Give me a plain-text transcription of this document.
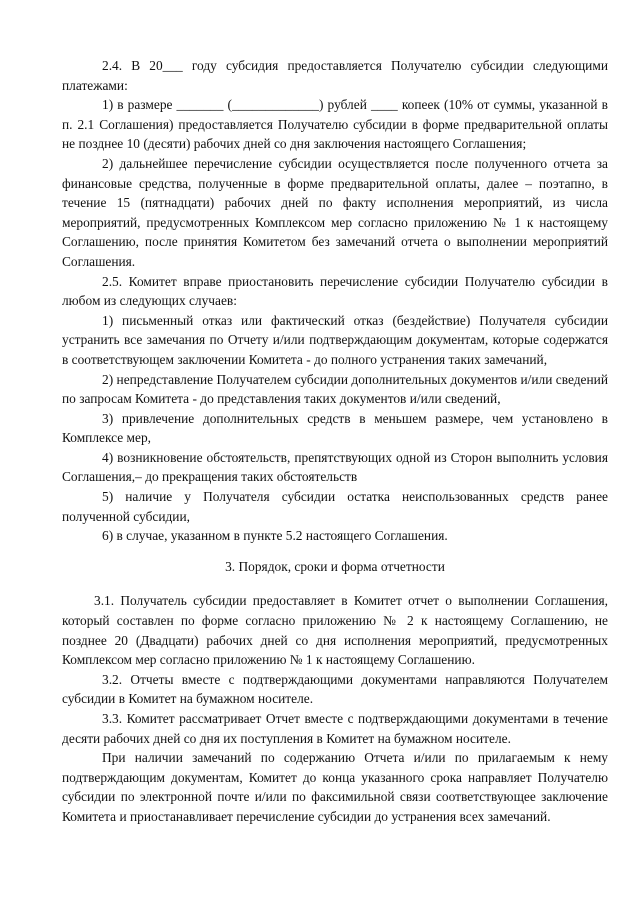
2.4. В 20___ году субсидия предоставляется Получателю субсидии следующими платежами:

1) в размере _______ (_____________) рублей ____ копеек (10% от суммы, указанной в п. 2.1 Соглашения) предоставляется Получателю субсидии в форме предварительной оплаты не позднее 10 (десяти) рабочих дней со дня заключения настоящего Соглашения;

2) дальнейшее перечисление субсидии осуществляется после полученного отчета за финансовые средства, полученные в форме предварительной оплаты, далее – поэтапно, в течение 15 (пятнадцати) рабочих дней по факту исполнения мероприятий, из числа мероприятий, предусмотренных Комплексом мер согласно приложению № 1 к настоящему Соглашению, после принятия Комитетом без замечаний отчета о выполнении мероприятий Соглашения.

2.5. Комитет вправе приостановить перечисление субсидии Получателю субсидии в любом из следующих случаев:

1) письменный отказ или фактический отказ (бездействие) Получателя субсидии устранить все замечания по Отчету и/или подтверждающим документам, которые содержатся в соответствующем заключении Комитета - до полного устранения таких замечаний,

2) непредставление Получателем субсидии дополнительных документов и/или сведений по запросам Комитета - до представления таких документов и/или сведений,

3) привлечение дополнительных средств в меньшем размере, чем установлено в Комплексе мер,

4) возникновение обстоятельств, препятствующих одной из Сторон выполнить условия Соглашения,– до прекращения таких обстоятельств

5) наличие у Получателя субсидии остатка неиспользованных средств ранее полученной субсидии,

6) в случае, указанном в пункте 5.2 настоящего Соглашения.

3. Порядок, сроки и форма отчетности

3.1. Получатель субсидии предоставляет в Комитет отчет о выполнении Соглашения, который составлен по форме согласно приложению № 2 к настоящему Соглашению, не позднее 20 (Двадцати) рабочих дней со дня исполнения мероприятий, предусмотренных Комплексом мер согласно приложению № 1 к настоящему Соглашению.

3.2. Отчеты вместе с подтверждающими документами направляются Получателем субсидии в Комитет на бумажном носителе.

3.3. Комитет рассматривает Отчет вместе с подтверждающими документами в течение десяти рабочих дней со дня их поступления в Комитет на бумажном носителе.

При наличии замечаний по содержанию Отчета и/или по прилагаемым к нему подтверждающим документам, Комитет до конца указанного срока направляет Получателю субсидии по электронной почте и/или по факсимильной связи соответствующее заключение Комитета и приостанавливает перечисление субсидии до устранения всех замечаний.
